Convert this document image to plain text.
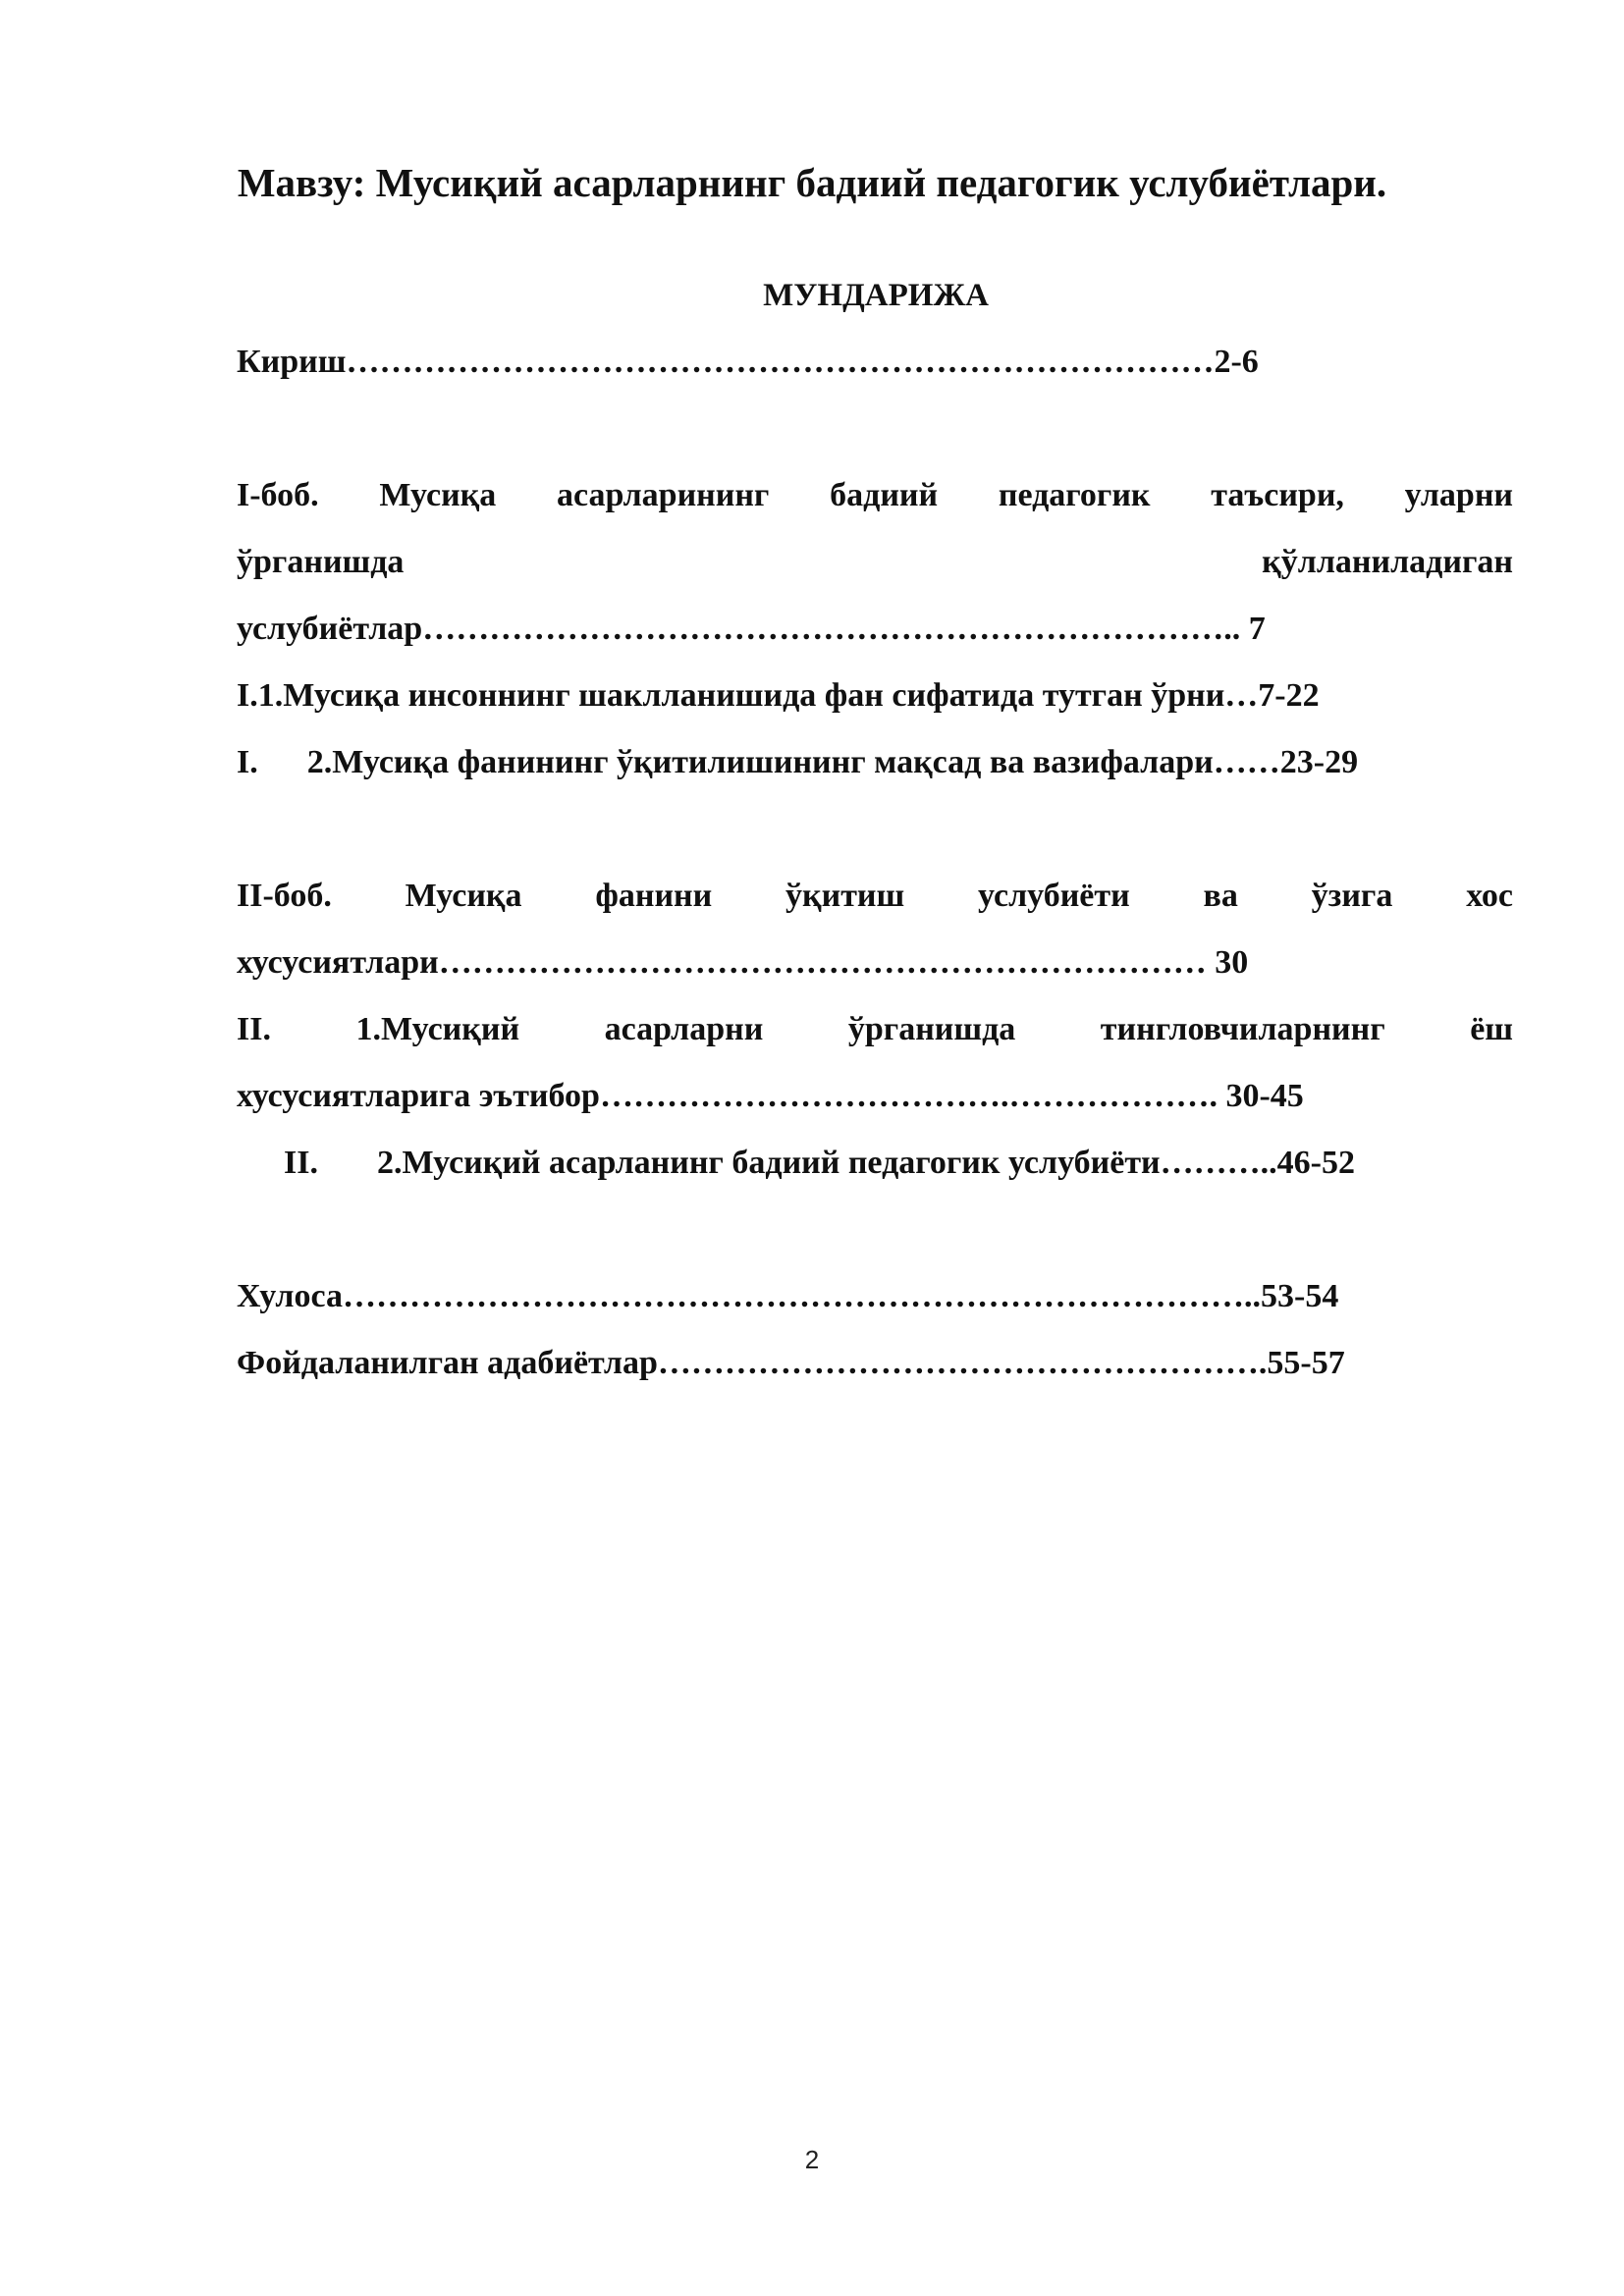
Мавзу: Мусиқий асарларнинг бадиий педагогик услубиётлари.
МУНДАРИЖА
Кириш……………………………………………………………………2-6
I-боб. Мусиқа асарларининг бадиий педагогик таъсири, уларни
ўрганишда қўлланиладиган
услубиётлар……………………………………………………………….. 7
I.1.Мусиқа инсоннинг шаклланишида фан сифатида тутган ўрни…7-22
I. 2.Мусиқа фанининг ўқитилишининг мақсад ва вазифалари……23-29
II-боб. Мусиқа фанини ўқитиш услубиёти ва ўзига хос
хусусиятлари…………………………………………………………… 30
II. 1.Мусиқий асарларни ўрганишда тингловчиларнинг ёш
хусусиятларига эътибор……………………………….………………. 30-45
II. 2.Мусиқий асарланинг бадиий педагогик услубиёти………..46-52
Хулоса………………………………………………………………………..53-54
Фойдаланилган адабиётлар……………………………………………….55-57
2
